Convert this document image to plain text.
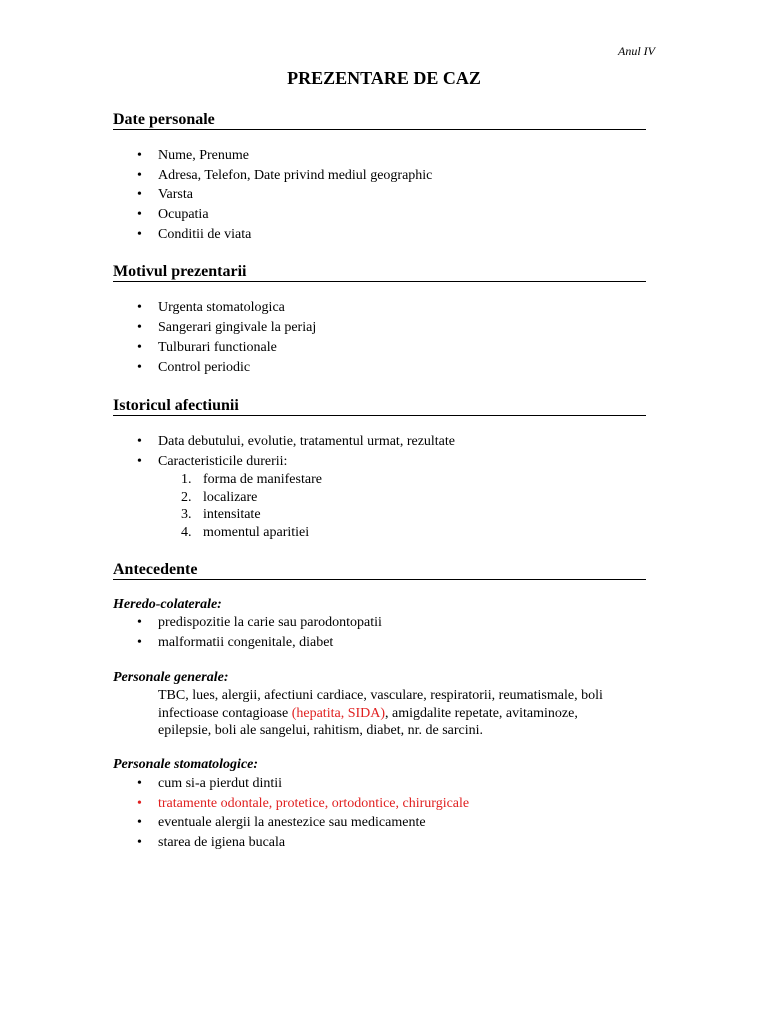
Anul IV
PREZENTARE DE CAZ
Date personale
• Nume, Prenume
• Adresa, Telefon, Date privind mediul geographic
• Varsta
• Ocupatia
• Conditii de viata
Motivul prezentarii
• Urgenta stomatologica
• Sangerari gingivale la periaj
• Tulburari functionale
• Control periodic
Istoricul afectiunii
• Data debutului, evolutie, tratamentul urmat, rezultate
• Caracteristicile durerii:
1. forma de manifestare
2. localizare
3. intensitate
4. momentul aparitiei
Antecedente
Heredo-colaterale:
• predispozitie la carie sau parodontopatii
• malformatii congenitale, diabet
Personale generale:
TBC, lues, alergii, afectiuni cardiace, vasculare, respiratorii, reumatismale, boli
infectioase contagioase (hepatita, SIDA), amigdalite repetate, avitaminoze,
epilepsie, boli ale sangelui, rahitism, diabet, nr. de sarcini.
Personale stomatologice:
• cum si-a pierdut dintii
• tratamente odontale, protetice, ortodontice, chirurgicale
• eventuale alergii la anestezice sau medicamente
• starea de igiena bucala
